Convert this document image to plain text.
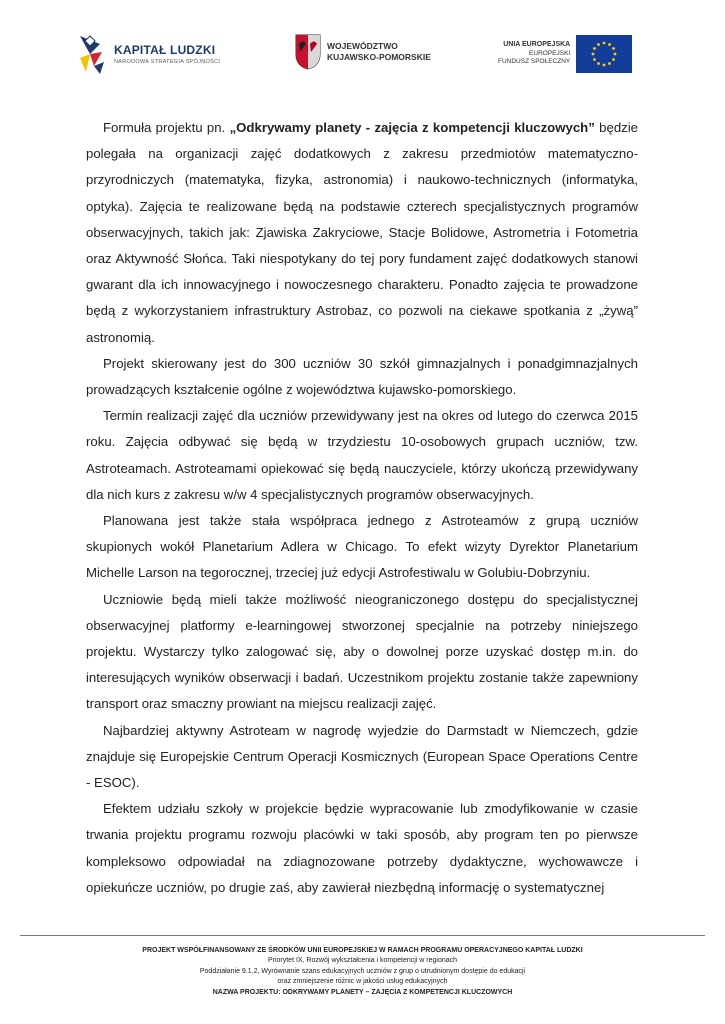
KAPITAŁ LUDZKI
NARODOWA STRATEGIA SPÓJNOŚCI
WOJEWÓDZTWO
KUJAWSKO-POMORSKIE
UNIA EUROPEJSKA
EUROPEJSKI
FUNDUSZ SPOŁECZNY

Formuła projektu pn. „Odkrywamy planety - zajęcia z kompetencji kluczowych” będzie polegała na organizacji zajęć dodatkowych z zakresu przedmiotów matematyczno-przyrodniczych (matematyka, fizyka, astronomia) i naukowo-technicznych (informatyka, optyka). Zajęcia te realizowane będą na podstawie czterech specjalistycznych programów obserwacyjnych, takich jak: Zjawiska Zakryciowe, Stacje Bolidowe, Astrometria i Fotometria oraz Aktywność Słońca. Taki niespotykany do tej pory fundament zajęć dodatkowych stanowi gwarant dla ich innowacyjnego i nowoczesnego charakteru. Ponadto zajęcia te prowadzone będą z wykorzystaniem infrastruktury Astrobaz, co pozwoli na ciekawe spotkania z „żywą” astronomią.

Projekt skierowany jest do 300 uczniów 30 szkół gimnazjalnych i ponadgimnazjalnych prowadzących kształcenie ogólne z województwa kujawsko-pomorskiego.

Termin realizacji zajęć dla uczniów przewidywany jest na okres od lutego do czerwca 2015 roku. Zajęcia odbywać się będą w trzydziestu 10-osobowych grupach uczniów, tzw. Astroteamach. Astroteamami opiekować się będą nauczyciele, którzy ukończą przewidywany dla nich kurs z zakresu w/w 4 specjalistycznych programów obserwacyjnych.

Planowana jest także stała współpraca jednego z Astroteamów z grupą uczniów skupionych wokół Planetarium Adlera w Chicago. To efekt wizyty Dyrektor Planetarium Michelle Larson na tegorocznej, trzeciej już edycji Astrofestiwalu w Golubiu-Dobrzyniu.

Uczniowie będą mieli także możliwość nieograniczonego dostępu do specjalistycznej obserwacyjnej platformy e-learningowej stworzonej specjalnie na potrzeby niniejszego projektu. Wystarczy tylko zalogować się, aby o dowolnej porze uzyskać dostęp m.in. do interesujących wyników obserwacji i badań. Uczestnikom projektu zostanie także zapewniony transport oraz smaczny prowiant na miejscu realizacji zajęć.

Najbardziej aktywny Astroteam w nagrodę wyjedzie do Darmstadt w Niemczech, gdzie znajduje się Europejskie Centrum Operacji Kosmicznych (European Space Operations Centre - ESOC).

Efektem udziału szkoły w projekcie będzie wypracowanie lub zmodyfikowanie w czasie trwania projektu programu rozwoju placówki w taki sposób, aby program ten po pierwsze kompleksowo odpowiadał na zdiagnozowane potrzeby dydaktyczne, wychowawcze i opiekuńcze uczniów, po drugie zaś, aby zawierał niezbędną informację o systematycznej

PROJEKT WSPÓŁFINANSOWANY ZE ŚRODKÓW UNII EUROPEJSKIEJ W RAMACH PROGRAMU OPERACYJNEGO KAPITAŁ LUDZKI
Priorytet IX, Rozwój wykształcenia i kompetencji w regionach
Poddziałanie 9.1.2, Wyrównanie szans edukacyjnych uczniów z grup o utrudnionym dostępie do edukacji
oraz zmniejszenie różnic w jakości usług edukacyjnych
NAZWA PROJEKTU: ODKRYWAMY PLANETY – ZAJĘCIA Z KOMPETENCJI KLUCZOWYCH
